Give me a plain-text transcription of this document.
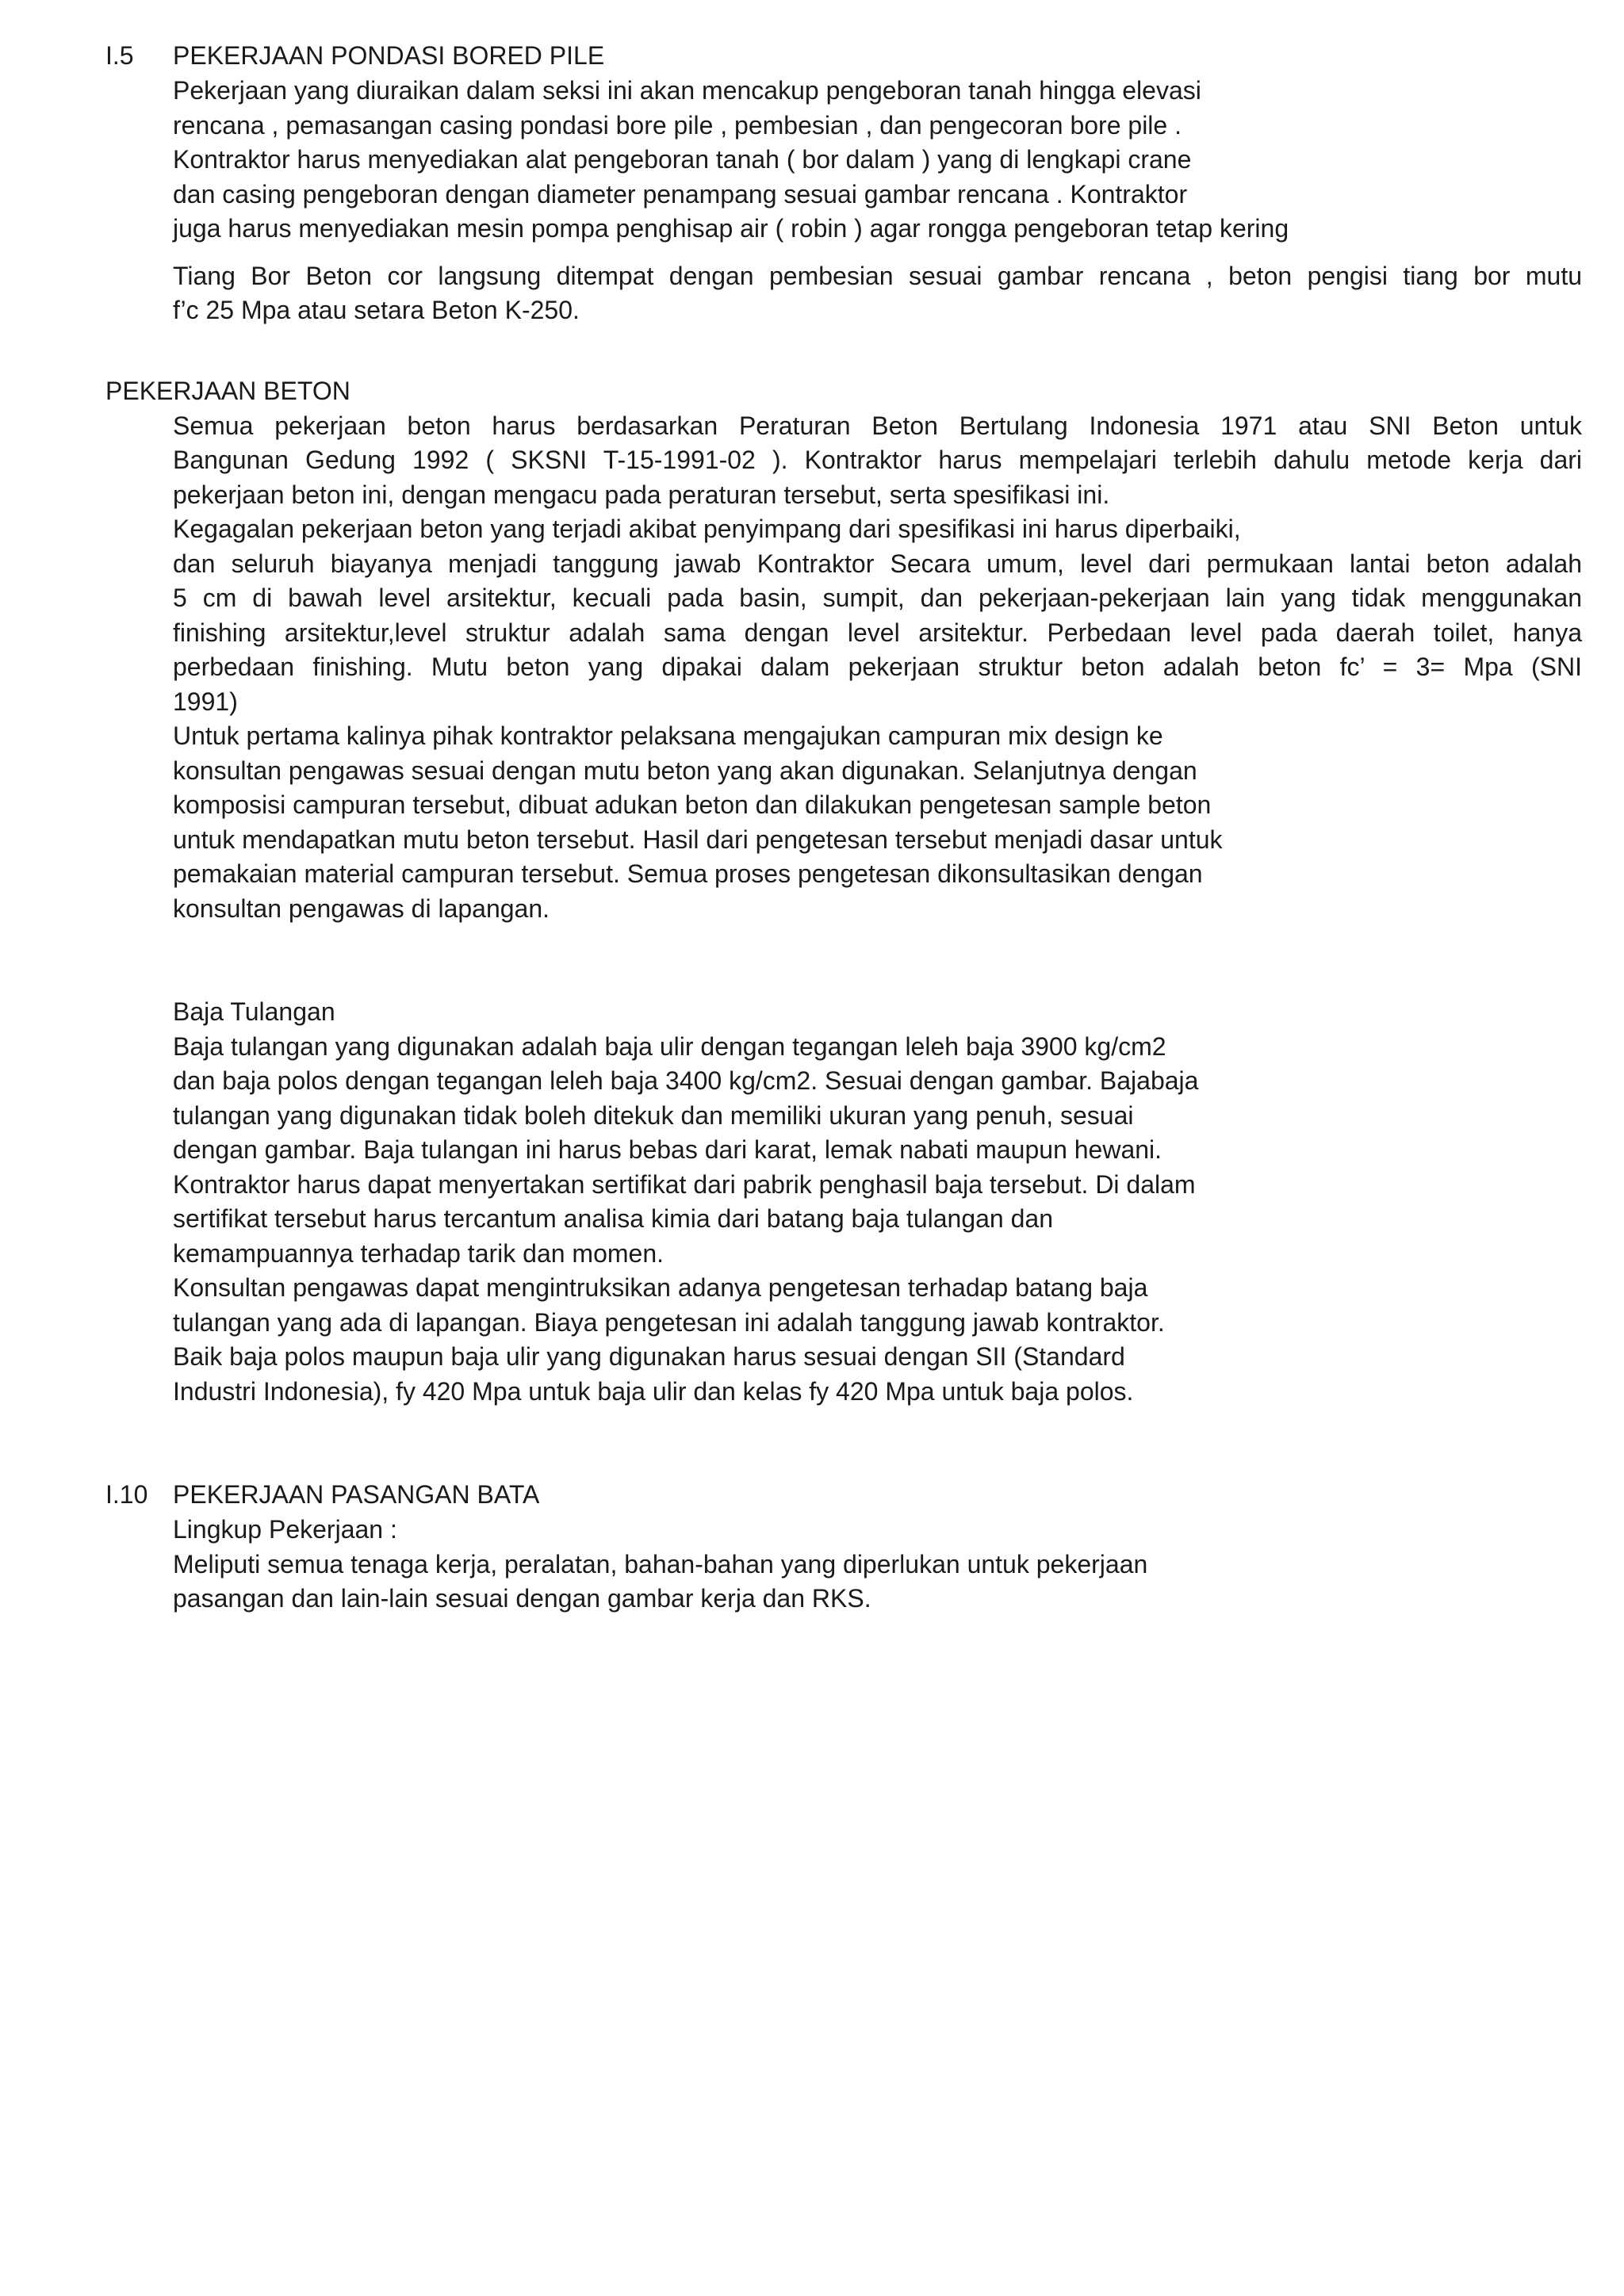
I.5 PEKERJAAN PONDASI BORED PILE
Pekerjaan yang diuraikan dalam seksi ini akan mencakup pengeboran tanah hingga elevasi
rencana , pemasangan casing pondasi bore pile , pembesian , dan pengecoran bore pile .
Kontraktor harus menyediakan alat pengeboran tanah ( bor dalam ) yang di lengkapi crane
dan casing pengeboran dengan diameter penampang sesuai gambar rencana . Kontraktor
juga harus menyediakan mesin pompa penghisap air ( robin ) agar rongga pengeboran tetap kering
Tiang Bor Beton cor langsung ditempat dengan pembesian sesuai gambar rencana , beton pengisi tiang bor mutu
f’c 25 Mpa atau setara Beton K-250.
PEKERJAAN BETON
Semua pekerjaan beton harus berdasarkan Peraturan Beton Bertulang Indonesia 1971 atau SNI Beton untuk
Bangunan Gedung 1992 ( SKSNI T-15-1991-02 ). Kontraktor harus mempelajari terlebih dahulu metode kerja dari
pekerjaan beton ini, dengan mengacu pada peraturan tersebut, serta spesifikasi ini.
Kegagalan pekerjaan beton yang terjadi akibat penyimpang dari spesifikasi ini harus diperbaiki,
dan seluruh biayanya menjadi tanggung jawab Kontraktor Secara umum, level dari permukaan lantai beton adalah
5 cm di bawah level arsitektur, kecuali pada basin, sumpit, dan pekerjaan-pekerjaan lain yang tidak menggunakan
finishing arsitektur,level struktur adalah sama dengan level arsitektur. Perbedaan level pada daerah toilet, hanya
perbedaan finishing. Mutu beton yang dipakai dalam pekerjaan struktur beton adalah beton fc’ = 3= Mpa (SNI
1991)
Untuk pertama kalinya pihak kontraktor pelaksana mengajukan campuran mix design ke
konsultan pengawas sesuai dengan mutu beton yang akan digunakan. Selanjutnya dengan
komposisi campuran tersebut, dibuat adukan beton dan dilakukan pengetesan sample beton
untuk mendapatkan mutu beton tersebut. Hasil dari pengetesan tersebut menjadi dasar untuk
pemakaian material campuran tersebut. Semua proses pengetesan dikonsultasikan dengan
konsultan pengawas di lapangan.
Baja Tulangan
Baja tulangan yang digunakan adalah baja ulir dengan tegangan leleh baja 3900 kg/cm2
dan baja polos dengan tegangan leleh baja 3400 kg/cm2. Sesuai dengan gambar. Bajabaja
tulangan yang digunakan tidak boleh ditekuk dan memiliki ukuran yang penuh, sesuai
dengan gambar. Baja tulangan ini harus bebas dari karat, lemak nabati maupun hewani.
Kontraktor harus dapat menyertakan sertifikat dari pabrik penghasil baja tersebut. Di dalam
sertifikat tersebut harus tercantum analisa kimia dari batang baja tulangan dan
kemampuannya terhadap tarik dan momen.
Konsultan pengawas dapat mengintruksikan adanya pengetesan terhadap batang baja
tulangan yang ada di lapangan. Biaya pengetesan ini adalah tanggung jawab kontraktor.
Baik baja polos maupun baja ulir yang digunakan harus sesuai dengan SII (Standard
Industri Indonesia), fy 420 Mpa untuk baja ulir dan kelas fy 420 Mpa untuk baja polos.
I.10 PEKERJAAN PASANGAN BATA
Lingkup Pekerjaan :
Meliputi semua tenaga kerja, peralatan, bahan-bahan yang diperlukan untuk pekerjaan
pasangan dan lain-lain sesuai dengan gambar kerja dan RKS.
